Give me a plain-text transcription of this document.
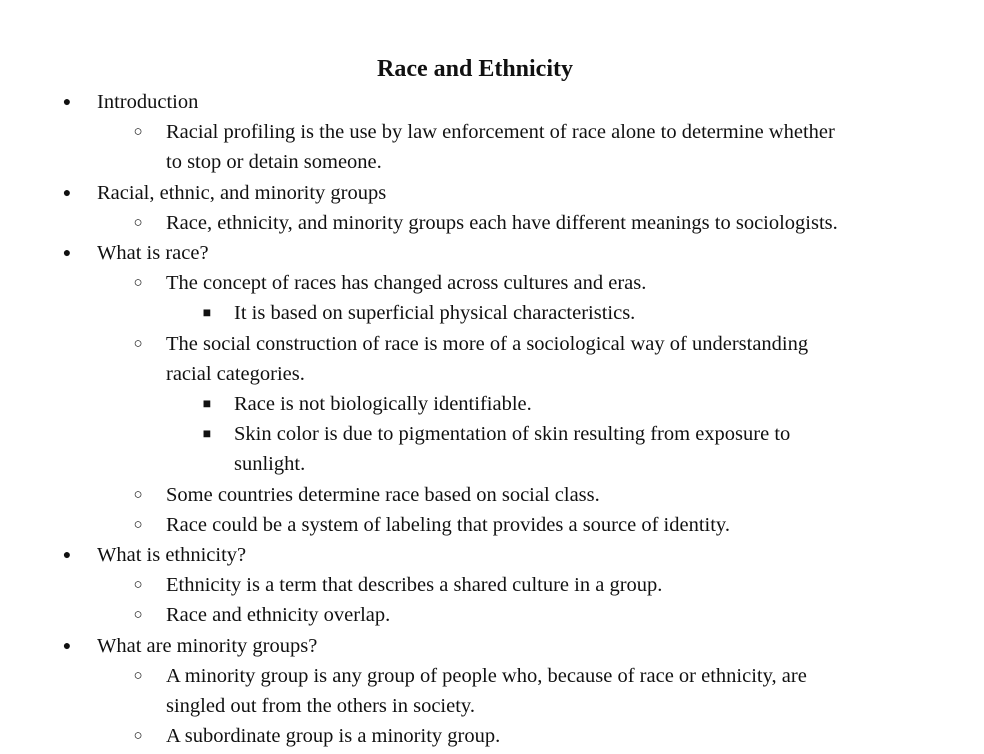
Race and Ethnicity
●
Introduction
○
Racial profiling is the use by law enforcement of race alone to determine whether
to stop or detain someone.
●
Racial, ethnic, and minority groups
○
Race, ethnicity, and minority groups each have different meanings to sociologists.
●
What is race?
○
The concept of races has changed across cultures and eras.
■
It is based on superficial physical characteristics.
○
The social construction of race is more of a sociological way of understanding
racial categories.
■
Race is not biologically identifiable.
■
Skin color is due to pigmentation of skin resulting from exposure to
sunlight.
○
Some countries determine race based on social class.
○
Race could be a system of labeling that provides a source of identity.
●
What is ethnicity?
○
Ethnicity is a term that describes a shared culture in a group.
○
Race and ethnicity overlap.
●
What are minority groups?
○
A minority group is any group of people who, because of race or ethnicity, are
singled out from the others in society.
○
A subordinate group is a minority group.
